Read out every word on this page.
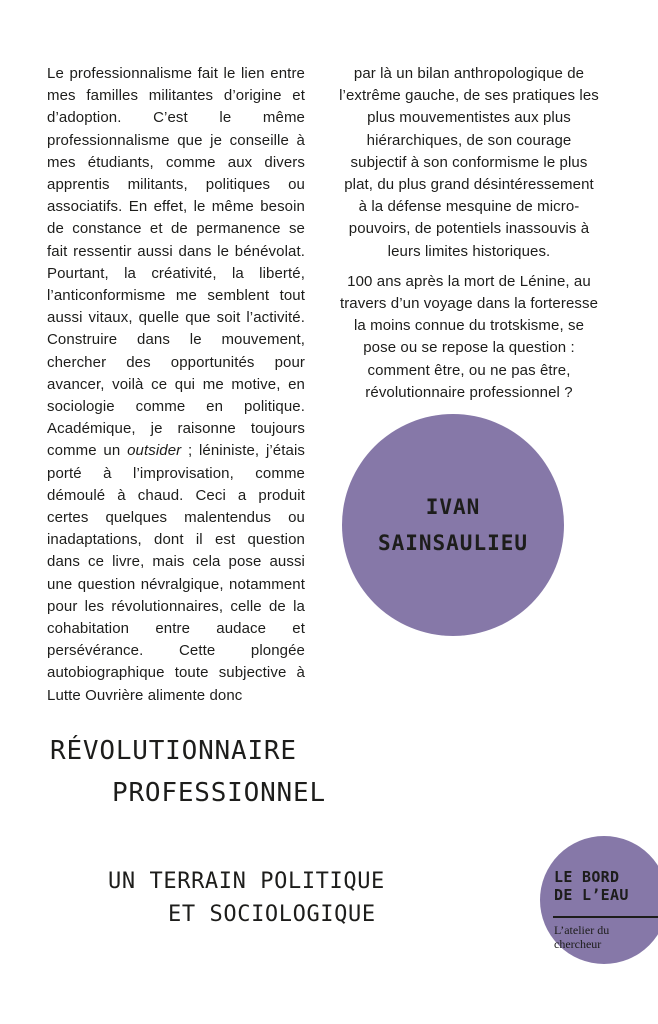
Le professionnalisme fait le lien entre mes familles militantes d’origine et d’adoption. C’est le même professionnalisme que je conseille à mes étudiants, comme aux divers apprentis militants, politiques ou associatifs. En effet, le même besoin de constance et de permanence se fait ressentir aussi dans le bénévolat. Pourtant, la créativité, la liberté, l’anticonformisme me semblent tout aussi vitaux, quelle que soit l’activité. Construire dans le mouvement, chercher des opportunités pour avancer, voilà ce qui me motive, en sociologie comme en politique. Académique, je raisonne toujours comme un outsider ; léniniste, j’étais porté à l’improvisation, comme démoulé à chaud. Ceci a produit certes quelques malentendus ou inadaptations, dont il est question dans ce livre, mais cela pose aussi une question névralgique, notamment pour les révolutionnaires, celle de la cohabitation entre audace et persévérance. Cette plongée autobiographique toute subjective à Lutte Ouvrière alimente donc

par là un bilan anthropologique de l’extrême gauche, de ses pratiques les plus mouvementistes aux plus hiérarchiques, de son courage subjectif à son conformisme le plus plat, du plus grand désintéressement à la défense mesquine de micro-pouvoirs, de potentiels inassouvis à leurs limites historiques.

100 ans après la mort de Lénine, au travers d’un voyage dans la forteresse la moins connue du trotskisme, se pose ou se repose la question : comment être, ou ne pas être, révolutionnaire professionnel ?

IVAN
SAINSAULIEU
RÉVOLUTIONNAIRE
PROFESSIONNEL
UN TERRAIN POLITIQUE
ET SOCIOLOGIQUE
LE BORD
DE L’EAU
L’atelier du
chercheur
